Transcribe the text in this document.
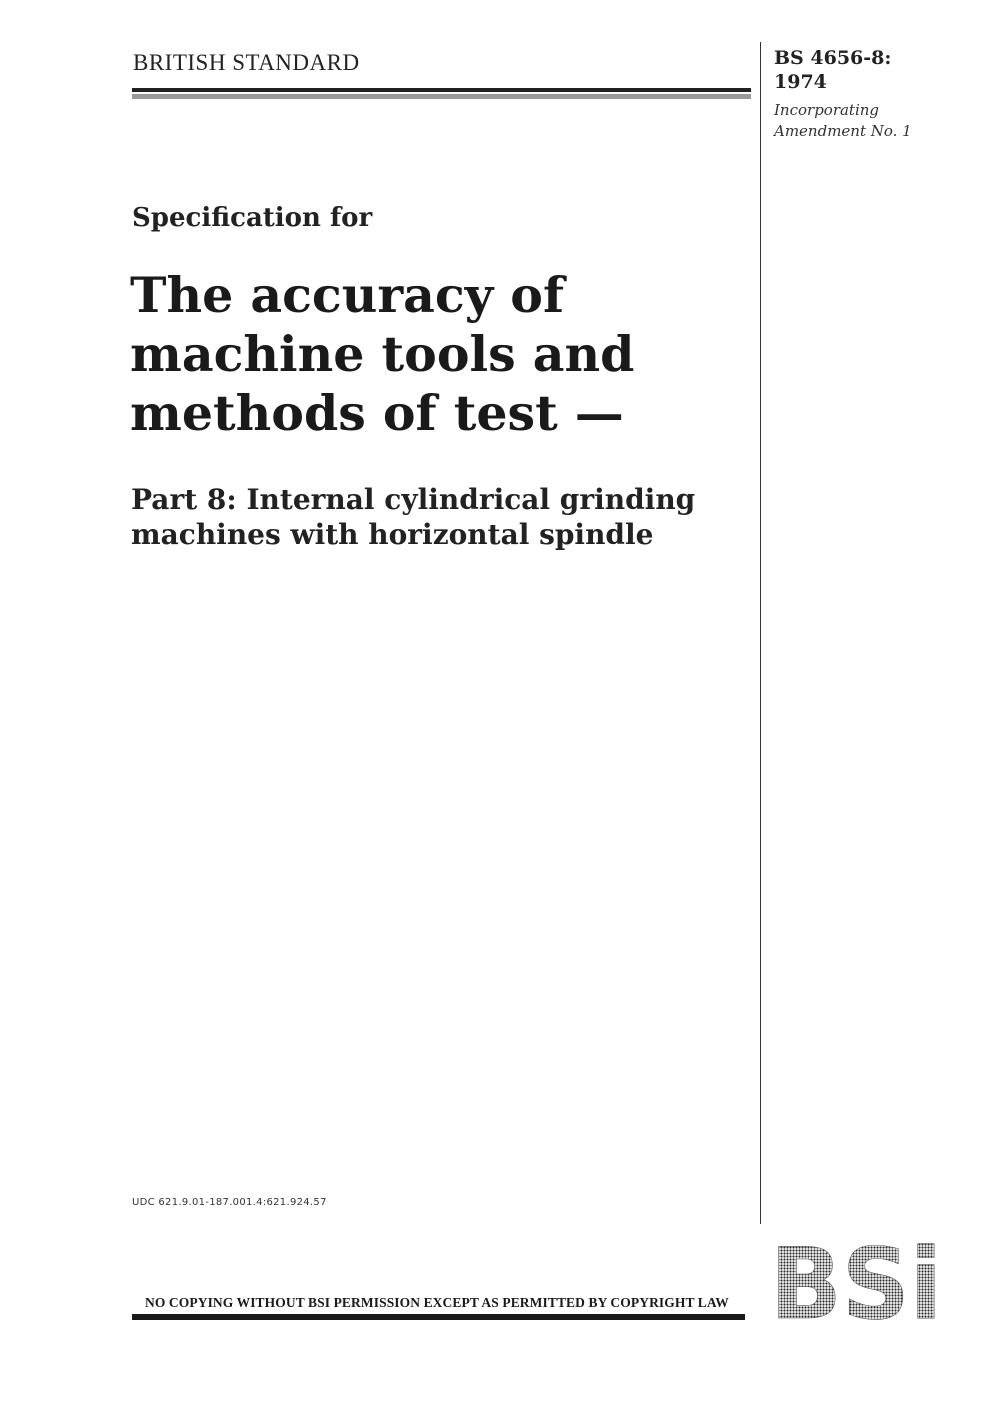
BRITISH STANDARD	BS 4656-8:
1974
Incorporating
Amendment No. 1
Specification for
The accuracy of
machine tools and
methods of test —
Part 8: Internal cylindrical grinding
machines with horizontal spindle
UDC 621.9.01-187.001.4:621.924.57
NO COPYING WITHOUT BSI PERMISSION EXCEPT AS PERMITTED BY COPYRIGHT LAW BSi
